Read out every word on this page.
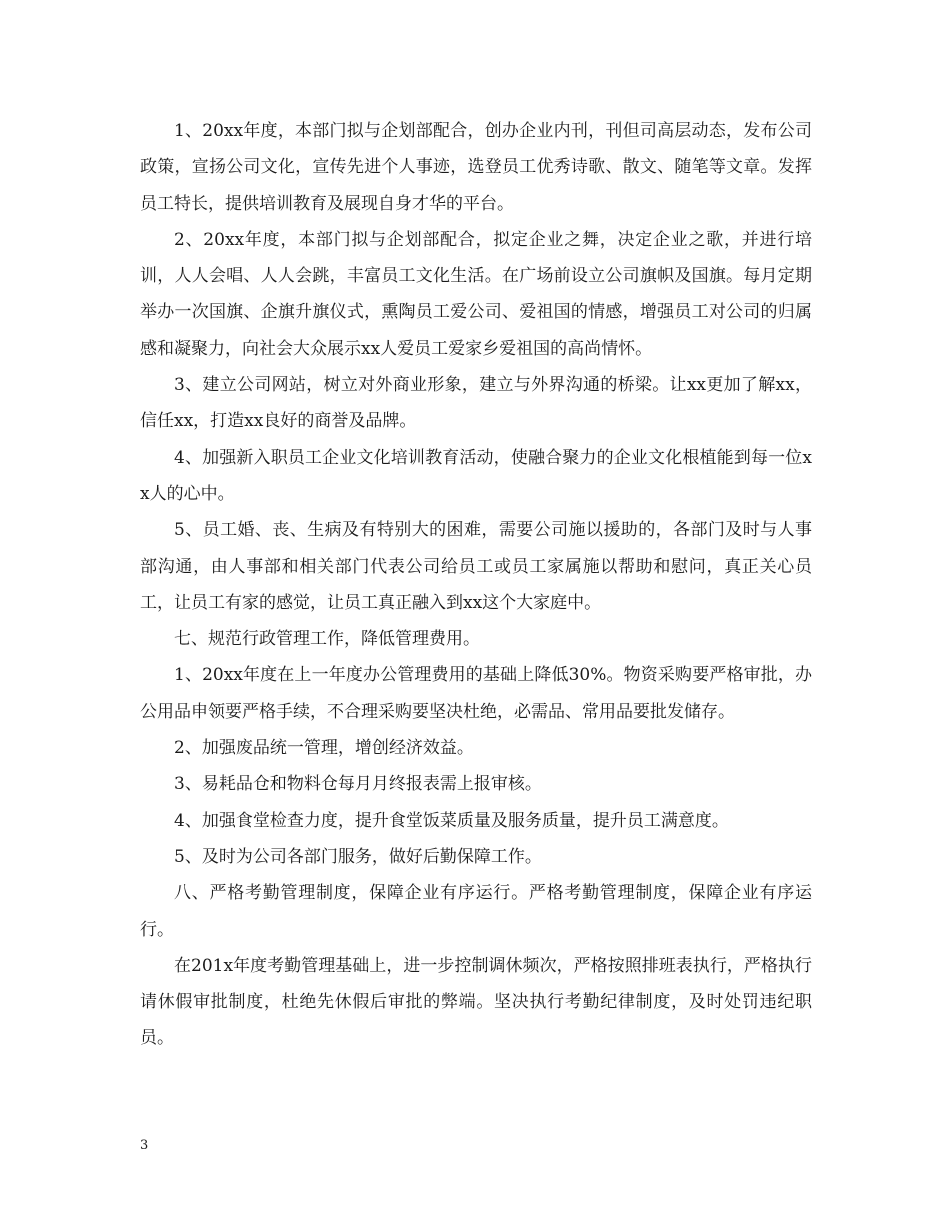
1、20xx年度，本部门拟与企划部配合，创办企业内刊，刊但司高层动态，发布公司政策，宣扬公司文化，宣传先进个人事迹，选登员工优秀诗歌、散文、随笔等文章。发挥员工特长，提供培训教育及展现自身才华的平台。

2、20xx年度，本部门拟与企划部配合，拟定企业之舞，决定企业之歌，并进行培训，人人会唱、人人会跳，丰富员工文化生活。在广场前设立公司旗帜及国旗。每月定期举办一次国旗、企旗升旗仪式，熏陶员工爱公司、爱祖国的情感，增强员工对公司的归属感和凝聚力，向社会大众展示xx人爱员工爱家乡爱祖国的高尚情怀。

3、建立公司网站，树立对外商业形象，建立与外界沟通的桥梁。让xx更加了解xx，信任xx，打造xx良好的商誉及品牌。

4、加强新入职员工企业文化培训教育活动，使融合聚力的企业文化根植能到每一位xx人的心中。

5、员工婚、丧、生病及有特别大的困难，需要公司施以援助的，各部门及时与人事部沟通，由人事部和相关部门代表公司给员工或员工家属施以帮助和慰问，真正关心员工，让员工有家的感觉，让员工真正融入到xx这个大家庭中。

七、规范行政管理工作，降低管理费用。

1、20xx年度在上一年度办公管理费用的基础上降低30%。物资采购要严格审批，办公用品申领要严格手续，不合理采购要坚决杜绝，必需品、常用品要批发储存。

2、加强废品统一管理，增创经济效益。

3、易耗品仓和物料仓每月月终报表需上报审核。

4、加强食堂检查力度，提升食堂饭菜质量及服务质量，提升员工满意度。

5、及时为公司各部门服务，做好后勤保障工作。

八、严格考勤管理制度，保障企业有序运行。严格考勤管理制度，保障企业有序运行。

在201x年度考勤管理基础上，进一步控制调休频次，严格按照排班表执行，严格执行请休假审批制度，杜绝先休假后审批的弊端。坚决执行考勤纪律制度，及时处罚违纪职员。

3
